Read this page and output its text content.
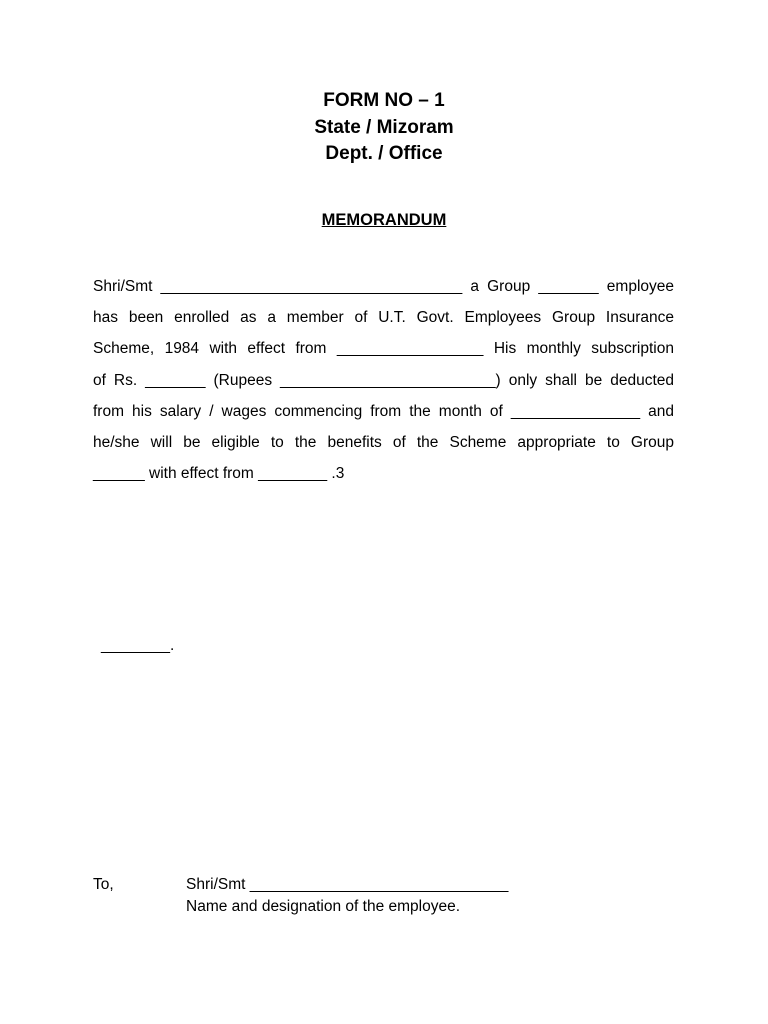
FORM NO – 1
State / Mizoram
Dept. / Office
MEMORANDUM
Shri/Smt ___________________________________ a Group _______ employee
has been enrolled as a member of U.T. Govt. Employees Group Insurance
Scheme, 1984 with effect from _________________ His monthly subscription
of Rs. _______ (Rupees _________________________) only shall be deducted
from his salary / wages commencing from the month of _______________ and
he/she will be eligible to the benefits of the Scheme appropriate to Group
______ with effect from ________ .3
________.
To,	Shri/Smt ______________________________
Name and designation of the employee.
